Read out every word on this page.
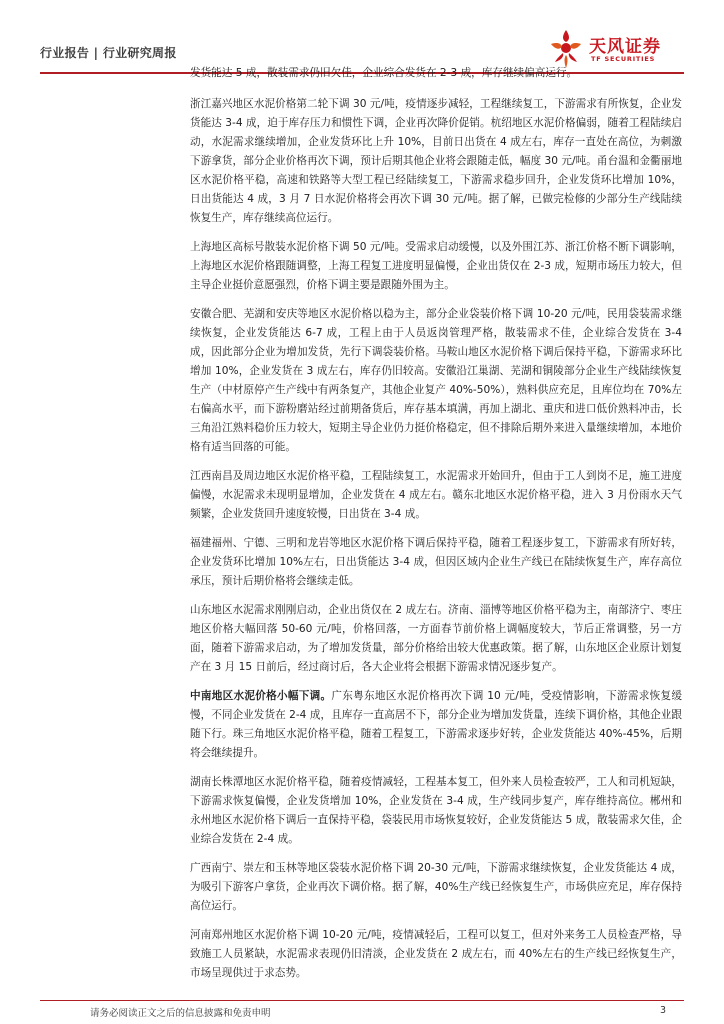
行业报告 | 行业研究周报	天风证券
TF SECURITIES

发货能达 5 成，散装需求仍旧欠佳，企业综合发货在 2-3 成，库存继续偏高运行。

浙江嘉兴地区水泥价格第二轮下调 30 元/吨，疫情逐步减轻，工程继续复工，下游需求有所恢复，企业发货能达 3-4 成，迫于库存压力和惯性下调，企业再次降价促销。杭绍地区水泥价格偏弱，随着工程陆续启动，水泥需求继续增加，企业发货环比上升 10%，目前日出货在 4 成左右，库存一直处在高位，为刺激下游拿货，部分企业价格再次下调，预计后期其他企业将会跟随走低，幅度 30 元/吨。甬台温和金衢丽地区水泥价格平稳，高速和铁路等大型工程已经陆续复工，下游需求稳步回升，企业发货环比增加 10%，日出货能达 4 成，3 月 7 日水泥价格将会再次下调 30 元/吨。据了解，已做完检修的少部分生产线陆续恢复生产，库存继续高位运行。

上海地区高标号散装水泥价格下调 50 元/吨。受需求启动缓慢，以及外围江苏、浙江价格不断下调影响，上海地区水泥价格跟随调整，上海工程复工进度明显偏慢，企业出货仅在 2-3 成，短期市场压力较大，但主导企业挺价意愿强烈，价格下调主要是跟随外围为主。

安徽合肥、芜湖和安庆等地区水泥价格以稳为主，部分企业袋装价格下调 10-20 元/吨，民用袋装需求继续恢复，企业发货能达 6-7 成，工程上由于人员返岗管理严格，散装需求不佳，企业综合发货在 3-4 成，因此部分企业为增加发货，先行下调袋装价格。马鞍山地区水泥价格下调后保持平稳，下游需求环比增加 10%，企业发货在 3 成左右，库存仍旧较高。安徽沿江巢湖、芜湖和铜陵部分企业生产线陆续恢复生产（中材原停产生产线中有两条复产，其他企业复产 40%-50%），熟料供应充足，且库位均在 70%左右偏高水平，而下游粉磨站经过前期备货后，库存基本填满，再加上湖北、重庆和进口低价熟料冲击，长三角沿江熟料稳价压力较大，短期主导企业仍力挺价格稳定，但不排除后期外来进入量继续增加，本地价格有适当回落的可能。

江西南昌及周边地区水泥价格平稳，工程陆续复工，水泥需求开始回升，但由于工人到岗不足，施工进度偏慢，水泥需求未现明显增加，企业发货在 4 成左右。赣东北地区水泥价格平稳，进入 3 月份雨水天气频繁，企业发货回升速度较慢，日出货在 3-4 成。

福建福州、宁德、三明和龙岩等地区水泥价格下调后保持平稳，随着工程逐步复工，下游需求有所好转，企业发货环比增加 10%左右，日出货能达 3-4 成，但因区域内企业生产线已在陆续恢复生产，库存高位承压，预计后期价格将会继续走低。

山东地区水泥需求刚刚启动，企业出货仅在 2 成左右。济南、淄博等地区价格平稳为主，南部济宁、枣庄地区价格大幅回落 50-60 元/吨，价格回落，一方面春节前价格上调幅度较大，节后正常调整，另一方面，随着下游需求启动，为了增加发货量，部分价格给出较大优惠政策。据了解，山东地区企业原计划复产在 3 月 15 日前后，经过商讨后，各大企业将会根据下游需求情况逐步复产。

中南地区水泥价格小幅下调。广东粤东地区水泥价格再次下调 10 元/吨，受疫情影响，下游需求恢复缓慢，不同企业发货在 2-4 成，且库存一直高居不下，部分企业为增加发货量，连续下调价格，其他企业跟随下行。珠三角地区水泥价格平稳，随着工程复工，下游需求逐步好转，企业发货能达 40%-45%，后期将会继续提升。

湖南长株潭地区水泥价格平稳，随着疫情减轻，工程基本复工，但外来人员检查较严，工人和司机短缺，下游需求恢复偏慢，企业发货增加 10%，企业发货在 3-4 成，生产线同步复产，库存维持高位。郴州和永州地区水泥价格下调后一直保持平稳，袋装民用市场恢复较好，企业发货能达 5 成，散装需求欠佳，企业综合发货在 2-4 成。

广西南宁、崇左和玉林等地区袋装水泥价格下调 20-30 元/吨，下游需求继续恢复，企业发货能达 4 成，为吸引下游客户拿货，企业再次下调价格。据了解，40%生产线已经恢复生产，市场供应充足，库存保持高位运行。

河南郑州地区水泥价格下调 10-20 元/吨，疫情减轻后，工程可以复工，但对外来务工人员检查严格，导致施工人员紧缺，水泥需求表现仍旧清淡，企业发货在 2 成左右，而 40%左右的生产线已经恢复生产，市场呈现供过于求态势。

请务必阅读正文之后的信息披露和免责申明	3
